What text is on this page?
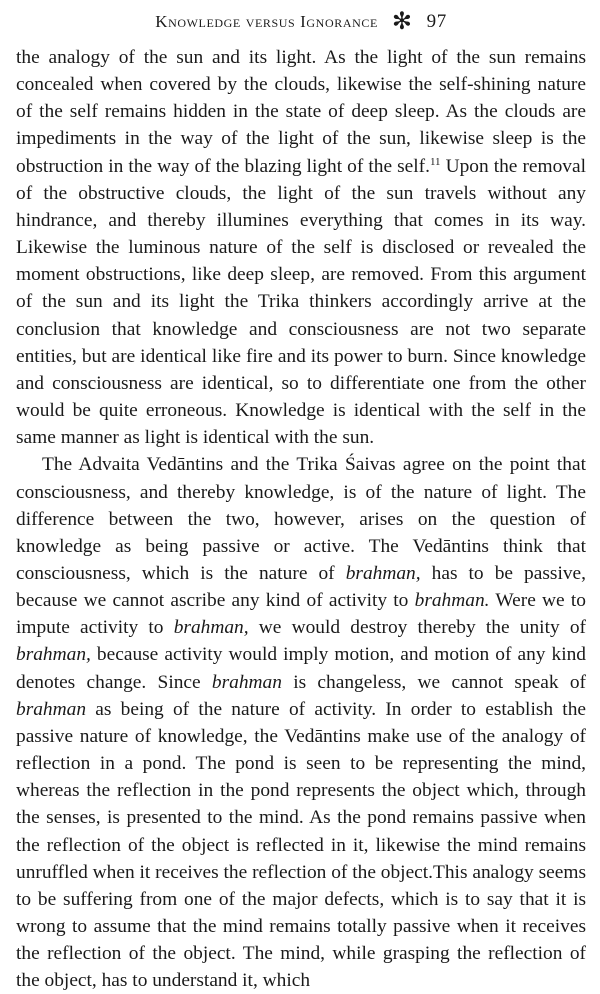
Knowledge versus Ignorance ✻ 97

the analogy of the sun and its light. As the light of the sun remains concealed when covered by the clouds, likewise the self-shining nature of the self remains hidden in the state of deep sleep. As the clouds are impediments in the way of the light of the sun, likewise sleep is the obstruction in the way of the blazing light of the self.$^{11}$ Upon the removal of the obstructive clouds, the light of the sun travels without any hindrance, and thereby illumines everything that comes in its way. Likewise the luminous nature of the self is disclosed or revealed the moment obstructions, like deep sleep, are removed. From this argument of the sun and its light the Trika thinkers accordingly arrive at the conclusion that knowledge and consciousness are not two separate entities, but are identical like fire and its power to burn. Since knowledge and consciousness are identical, so to differentiate one from the other would be quite erroneous. Knowledge is identical with the self in the same manner as light is identical with the sun.

The Advaita Vedāntins and the Trika Śaivas agree on the point that consciousness, and thereby knowledge, is of the nature of light. The difference between the two, however, arises on the question of knowledge as being passive or active. The Vedāntins think that consciousness, which is the nature of brahman, has to be passive, because we cannot ascribe any kind of activity to brahman. Were we to impute activity to brahman, we would destroy thereby the unity of brahman, because activity would imply motion, and motion of any kind denotes change. Since brahman is changeless, we cannot speak of brahman as being of the nature of activity. In order to establish the passive nature of knowledge, the Vedāntins make use of the analogy of reflection in a pond. The pond is seen to be representing the mind, whereas the reflection in the pond represents the object which, through the senses, is presented to the mind. As the pond remains passive when the reflection of the object is reflected in it, likewise the mind remains unruffled when it receives the reflection of the object.This analogy seems to be suffering from one of the major defects, which is to say that it is wrong to assume that the mind remains totally passive when it receives the reflection of the object. The mind, while grasping the reflection of the object, has to understand it, which
